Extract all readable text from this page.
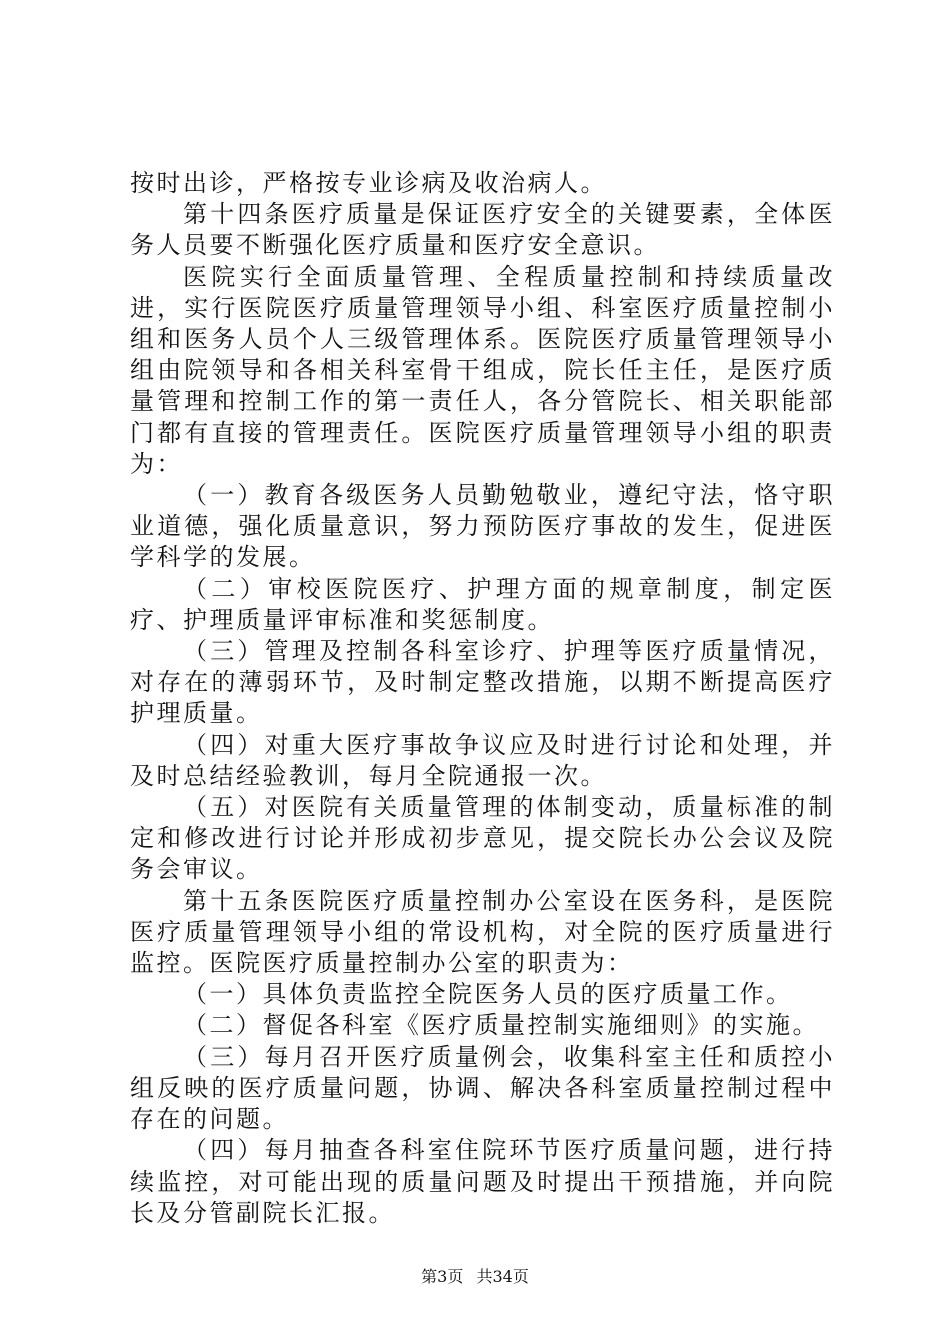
按时出诊，严格按专业诊病及收治病人。

第十四条医疗质量是保证医疗安全的关键要素，全体医务人员要不断强化医疗质量和医疗安全意识。

医院实行全面质量管理、全程质量控制和持续质量改进，实行医院医疗质量管理领导小组、科室医疗质量控制小组和医务人员个人三级管理体系。医院医疗质量管理领导小组由院领导和各相关科室骨干组成，院长任主任，是医疗质量管理和控制工作的第一责任人，各分管院长、相关职能部门都有直接的管理责任。医院医疗质量管理领导小组的职责为：

（一）教育各级医务人员勤勉敬业，遵纪守法，恪守职业道德，强化质量意识，努力预防医疗事故的发生，促进医学科学的发展。

（二）审校医院医疗、护理方面的规章制度，制定医疗、护理质量评审标准和奖惩制度。

（三）管理及控制各科室诊疗、护理等医疗质量情况，对存在的薄弱环节，及时制定整改措施，以期不断提高医疗护理质量。

（四）对重大医疗事故争议应及时进行讨论和处理，并及时总结经验教训，每月全院通报一次。

（五）对医院有关质量管理的体制变动，质量标准的制定和修改进行讨论并形成初步意见，提交院长办公会议及院务会审议。

第十五条医院医疗质量控制办公室设在医务科，是医院医疗质量管理领导小组的常设机构，对全院的医疗质量进行监控。医院医疗质量控制办公室的职责为：

（一）具体负责监控全院医务人员的医疗质量工作。

（二）督促各科室《医疗质量控制实施细则》的实施。

（三）每月召开医疗质量例会，收集科室主任和质控小组反映的医疗质量问题，协调、解决各科室质量控制过程中存在的问题。

（四）每月抽查各科室住院环节医疗质量问题，进行持续监控，对可能出现的质量问题及时提出干预措施，并向院长及分管副院长汇报。

第3页 共34页
